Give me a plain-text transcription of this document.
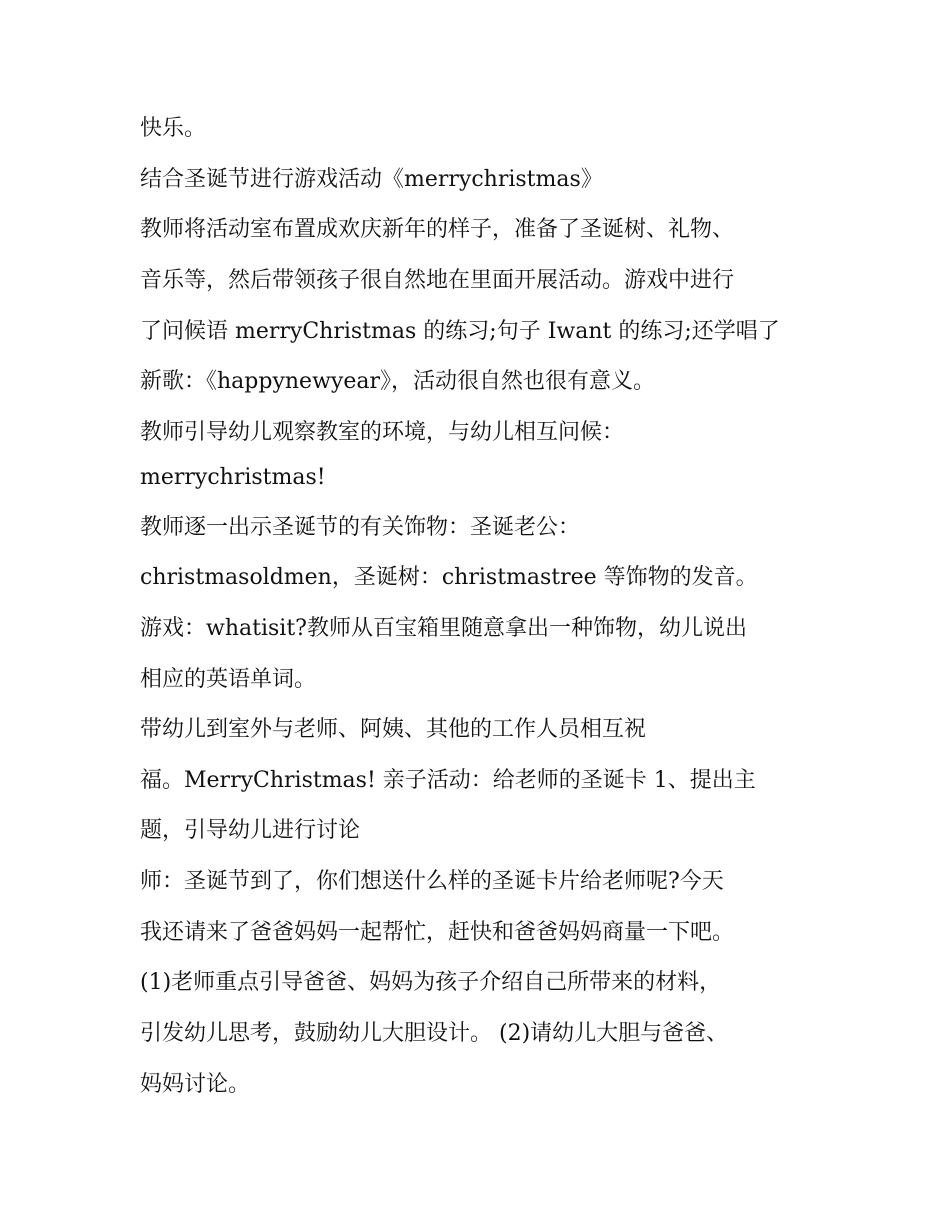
快乐。

结合圣诞节进行游戏活动《merrychristmas》

教师将活动室布置成欢庆新年的样子，准备了圣诞树、礼物、

音乐等，然后带领孩子很自然地在里面开展活动。游戏中进行

了问候语 merryChristmas 的练习;句子 Iwant 的练习;还学唱了

新歌：《happynewyear》，活动很自然也很有意义。

教师引导幼儿观察教室的环境，与幼儿相互问候：

merrychristmas!

教师逐一出示圣诞节的有关饰物：圣诞老公：

christmasoldmen，圣诞树：christmastree 等饰物的发音。

游戏：whatisit?教师从百宝箱里随意拿出一种饰物，幼儿说出

相应的英语单词。

带幼儿到室外与老师、阿姨、其他的工作人员相互祝

福。MerryChristmas! 亲子活动：给老师的圣诞卡 1、提出主

题，引导幼儿进行讨论

师：圣诞节到了，你们想送什么样的圣诞卡片给老师呢?今天

我还请来了爸爸妈妈一起帮忙，赶快和爸爸妈妈商量一下吧。

(1)老师重点引导爸爸、妈妈为孩子介绍自己所带来的材料，

引发幼儿思考，鼓励幼儿大胆设计。 (2)请幼儿大胆与爸爸、

妈妈讨论。
